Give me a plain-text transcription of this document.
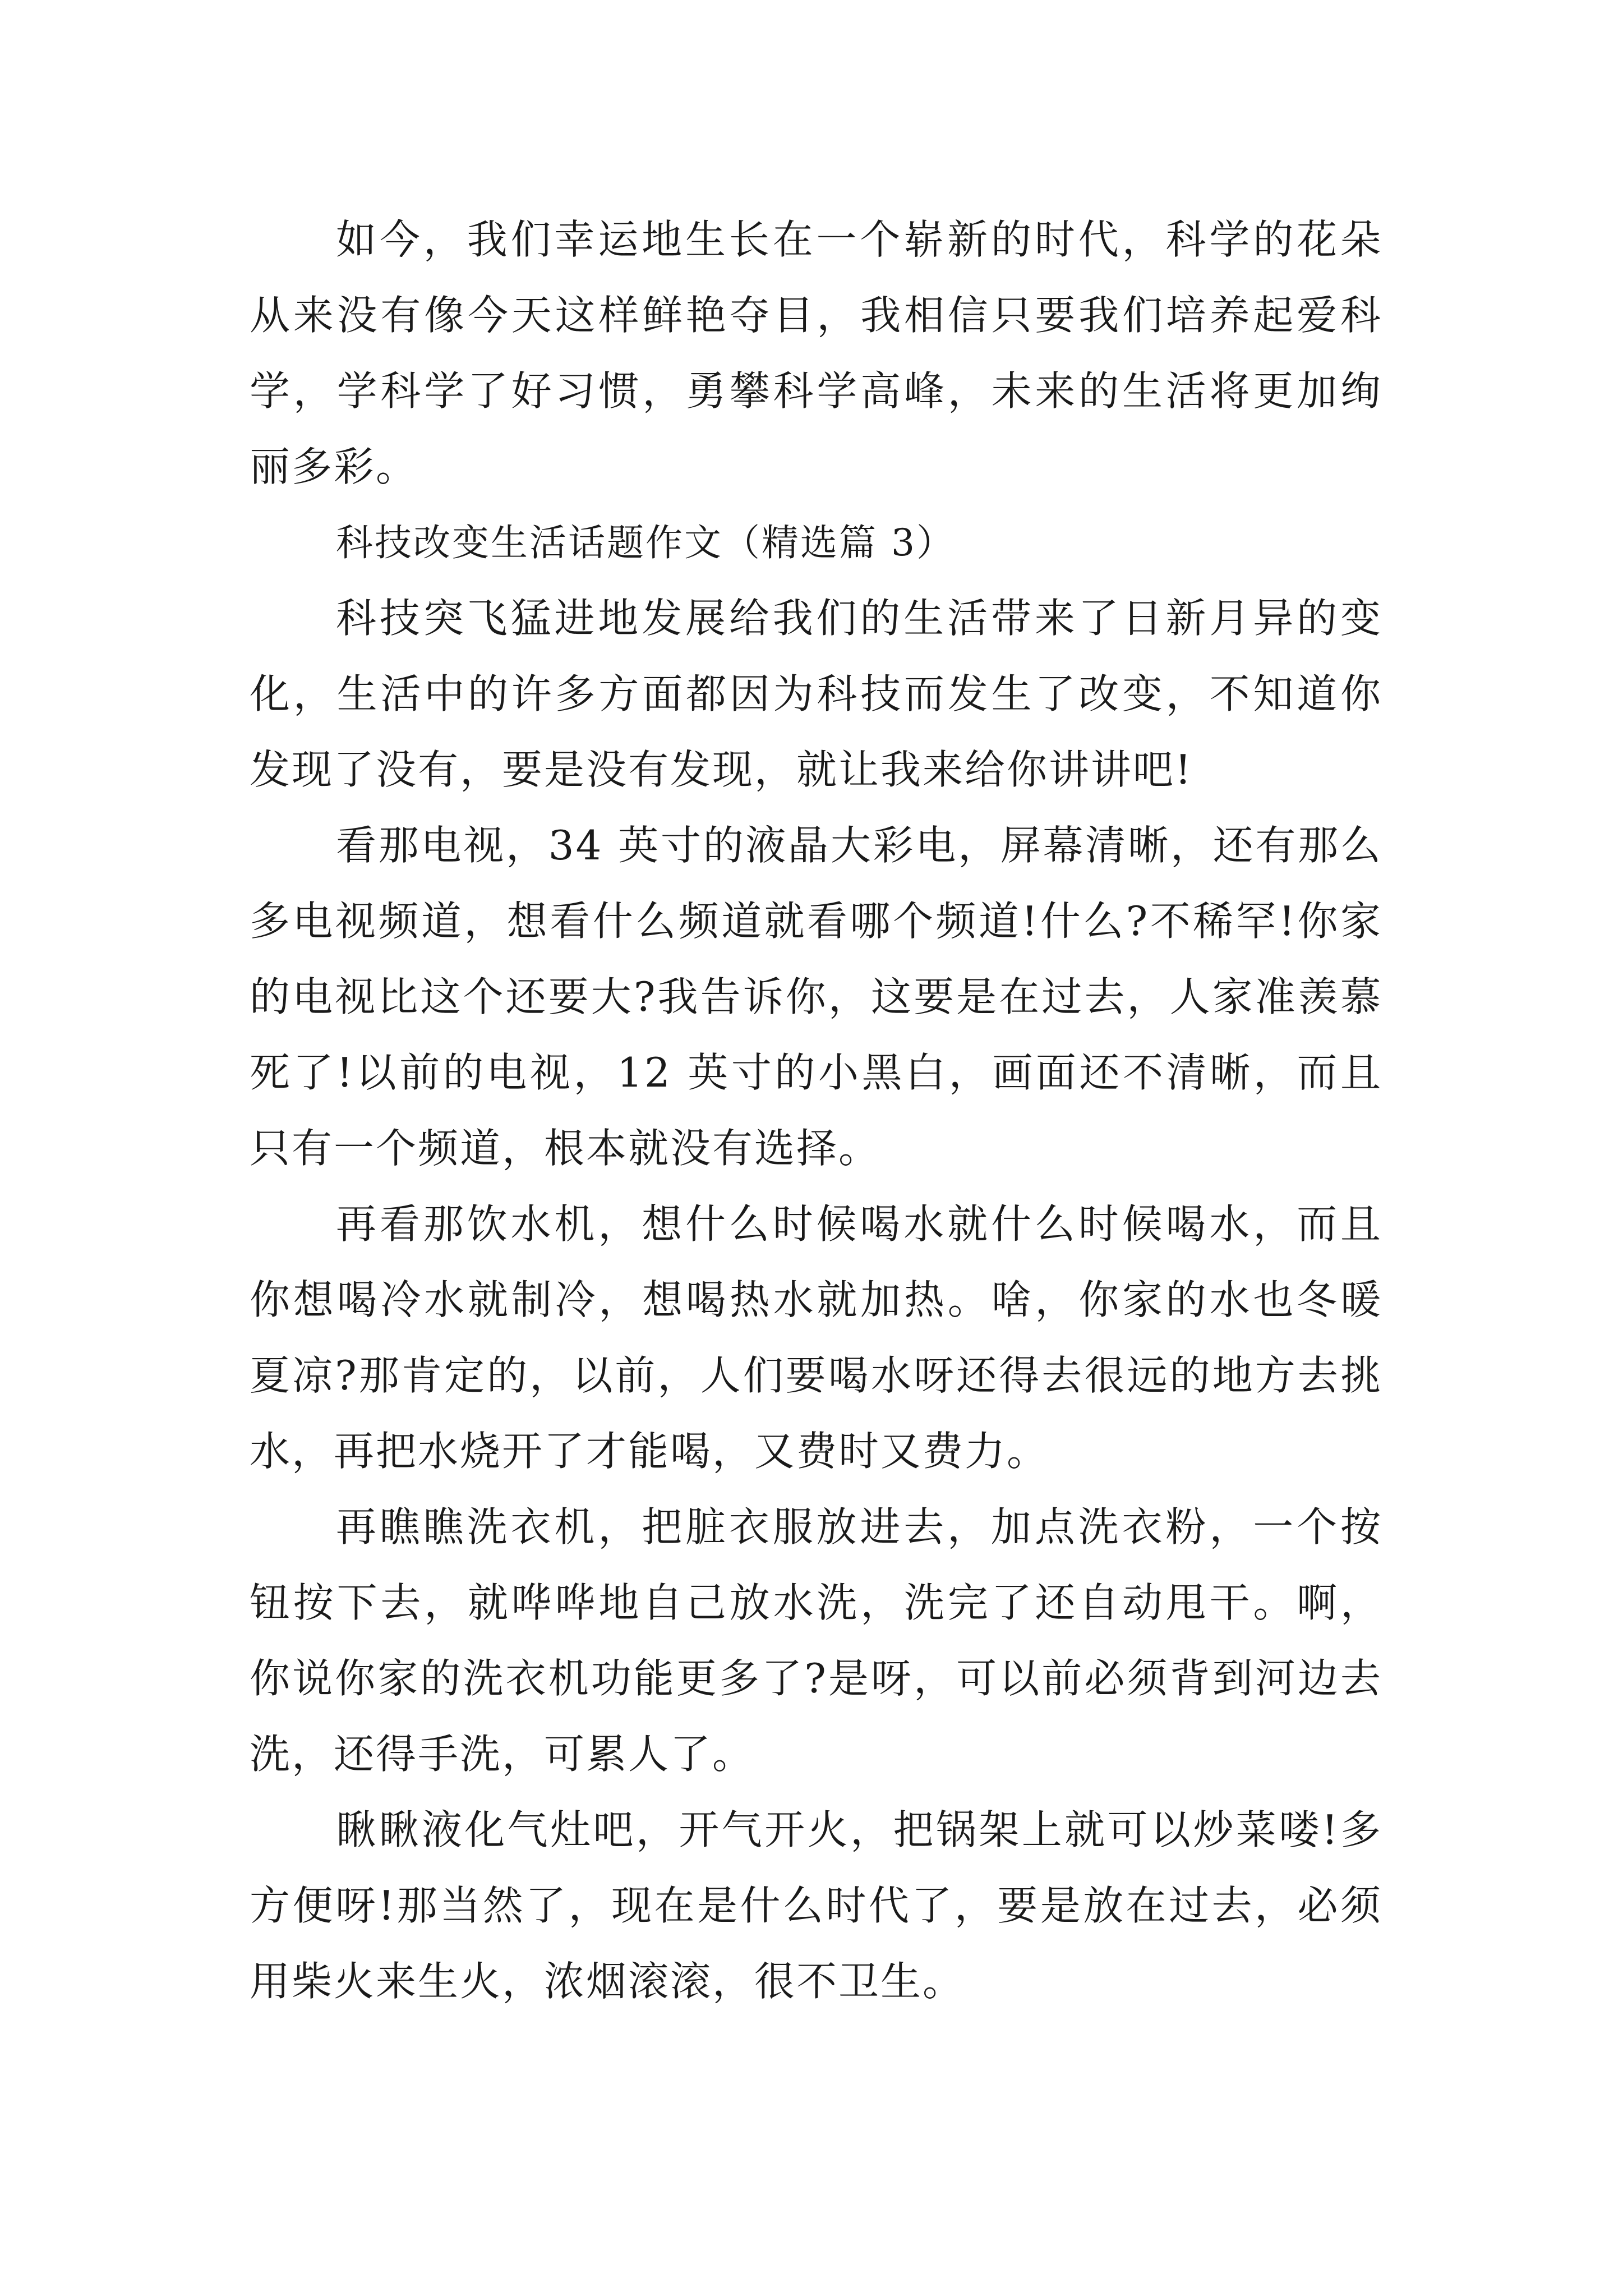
如今，我们幸运地生长在一个崭新的时代，科学的花朵从来没有像今天这样鲜艳夺目，我相信只要我们培养起爱科学，学科学了好习惯，勇攀科学高峰，未来的生活将更加绚丽多彩。

科技改变生活话题作文（精选篇 3）

科技突飞猛进地发展给我们的生活带来了日新月异的变化，生活中的许多方面都因为科技而发生了改变，不知道你发现了没有，要是没有发现，就让我来给你讲讲吧!

看那电视，34 英寸的液晶大彩电，屏幕清晰，还有那么多电视频道，想看什么频道就看哪个频道!什么?不稀罕!你家的电视比这个还要大?我告诉你，这要是在过去，人家准羡慕死了!以前的电视，12 英寸的小黑白，画面还不清晰，而且只有一个频道，根本就没有选择。

再看那饮水机，想什么时候喝水就什么时候喝水，而且你想喝冷水就制冷，想喝热水就加热。啥，你家的水也冬暖夏凉?那肯定的，以前，人们要喝水呀还得去很远的地方去挑水，再把水烧开了才能喝，又费时又费力。

再瞧瞧洗衣机，把脏衣服放进去，加点洗衣粉，一个按钮按下去，就哗哗地自己放水洗，洗完了还自动甩干。啊，你说你家的洗衣机功能更多了?是呀，可以前必须背到河边去洗，还得手洗，可累人了。

瞅瞅液化气灶吧，开气开火，把锅架上就可以炒菜喽!多方便呀!那当然了，现在是什么时代了，要是放在过去，必须用柴火来生火，浓烟滚滚，很不卫生。
